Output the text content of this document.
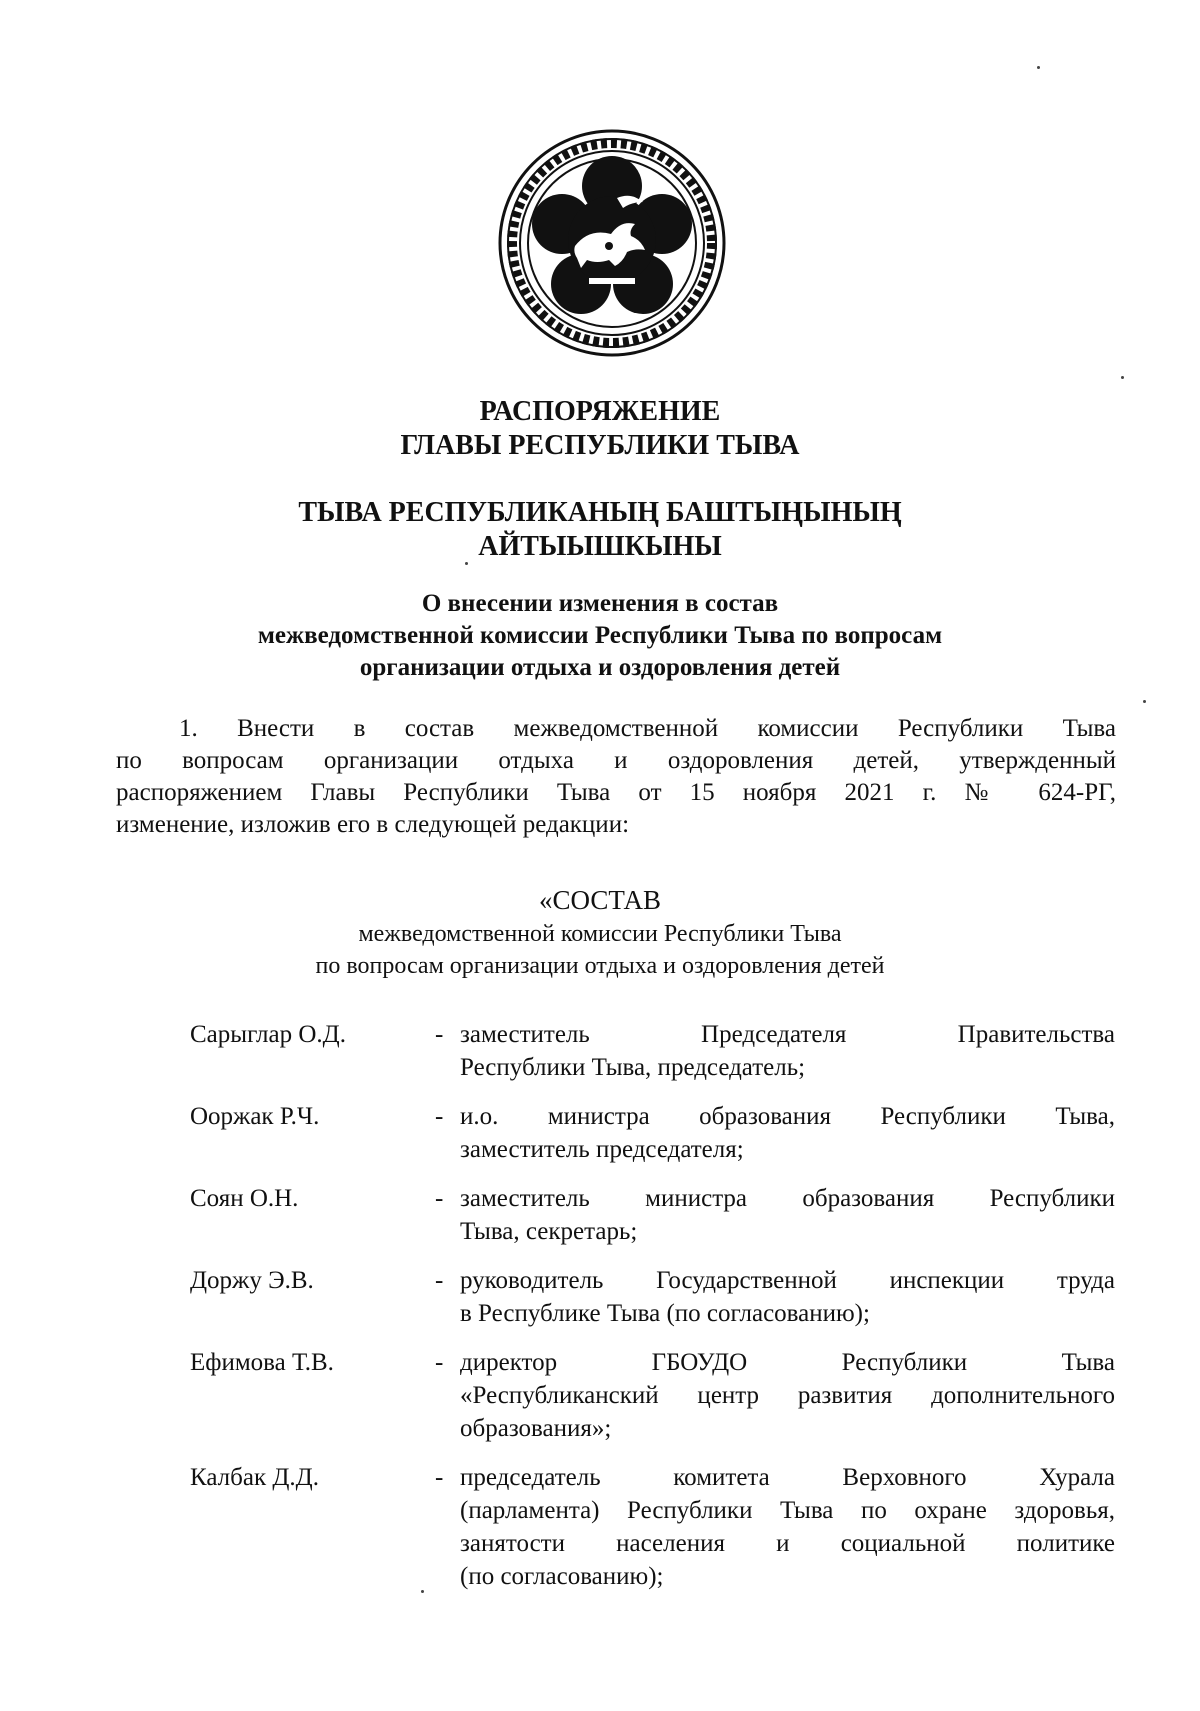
РАСПОРЯЖЕНИЕ
ГЛАВЫ РЕСПУБЛИКИ ТЫВА
ТЫВА РЕСПУБЛИКАНЫҢ БАШТЫҢЫНЫҢ
АЙТЫЫШКЫНЫ
О внесении изменения в состав
межведомственной комиссии Республики Тыва по вопросам
организации отдыха и оздоровления детей
1. Внести в состав межведомственной комиссии Республики Тыва
по вопросам организации отдыха и оздоровления детей, утвержденный
распоряжением Главы Республики Тыва от 15 ноября 2021 г. № 624-РГ,
изменение, изложив его в следующей редакции:
«СОСТАВ
межведомственной комиссии Республики Тыва
по вопросам организации отдыха и оздоровления детей
Сарыглар О.Д.	- заместитель Председателя Правительства
Республики Тыва, председатель;
Ооржак Р.Ч.	- и.о. министра образования Республики Тыва,
заместитель председателя;
Соян О.Н.	- заместитель министра образования Республики
Тыва, секретарь;
Доржу Э.В.	- руководитель Государственной инспекции труда
в Республике Тыва (по согласованию);
Ефимова Т.В.	- директор ГБОУДО Республики Тыва
«Республиканский центр развития дополнительного
образования»;
Калбак Д.Д.	- председатель комитета Верховного Хурала
(парламента) Республики Тыва по охране здоровья,
занятости населения и социальной политике
(по согласованию);
